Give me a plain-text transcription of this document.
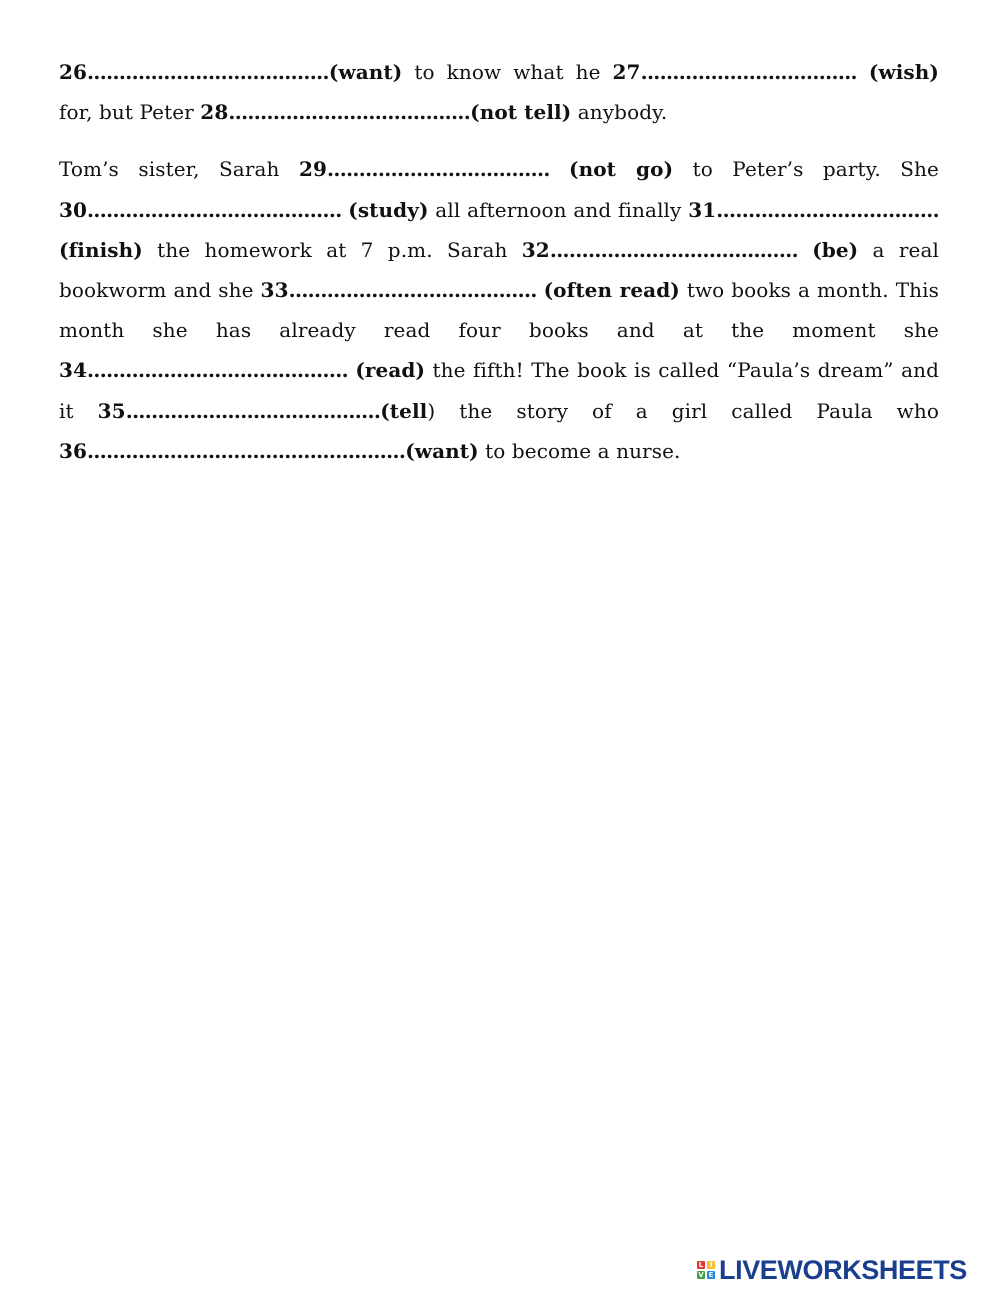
26......................................(want) to know what he 27.................................. (wish) for, but Peter 28......................................(not tell) anybody.

Tom’s sister, Sarah 29................................... (not go) to Peter’s party. She 30........................................ (study) all afternoon and finally 31................................... (finish) the homework at 7 p.m. Sarah 32....................................... (be) a real bookworm and she 33....................................... (often read) two books a month. This month she has already read four books and at the moment she 34......................................... (read) the fifth! The book is called “Paula’s dream” and it 35........................................(tell) the story of a girl called Paula who 36..................................................(want) to become a nurse.

L I
V E LIVEWORKSHEETS
